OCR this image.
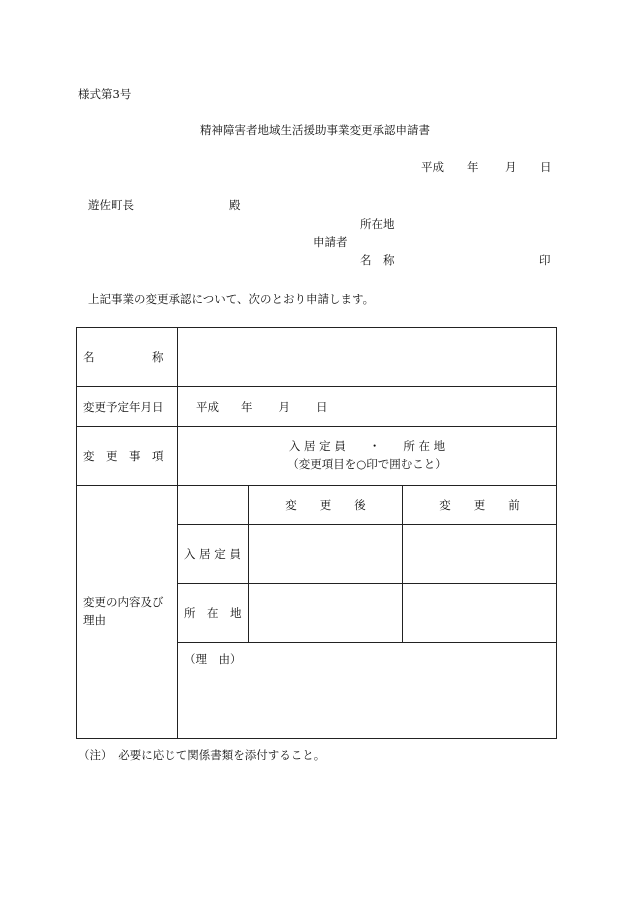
様式第3号
精神障害者地域生活援助事業変更承認申請書
平成 年 月 日
遊佐町長	殿
所在地
申請者
名　称	印
上記事業の変更承認について、次のとおり申請します。
名　　　　　称			
変更予定年月日	平成 年 月 日		
変　更　事　項	入 居 定 員　　・　　所 在 地
（変更項目を○印で囲むこと）		

変更の内容及び理由		変　　更　　後	変　　更　　前
	入 居 定 員		
	所　在　地		
	（理　由）		
（注）　必要に応じて関係書類を添付すること。
